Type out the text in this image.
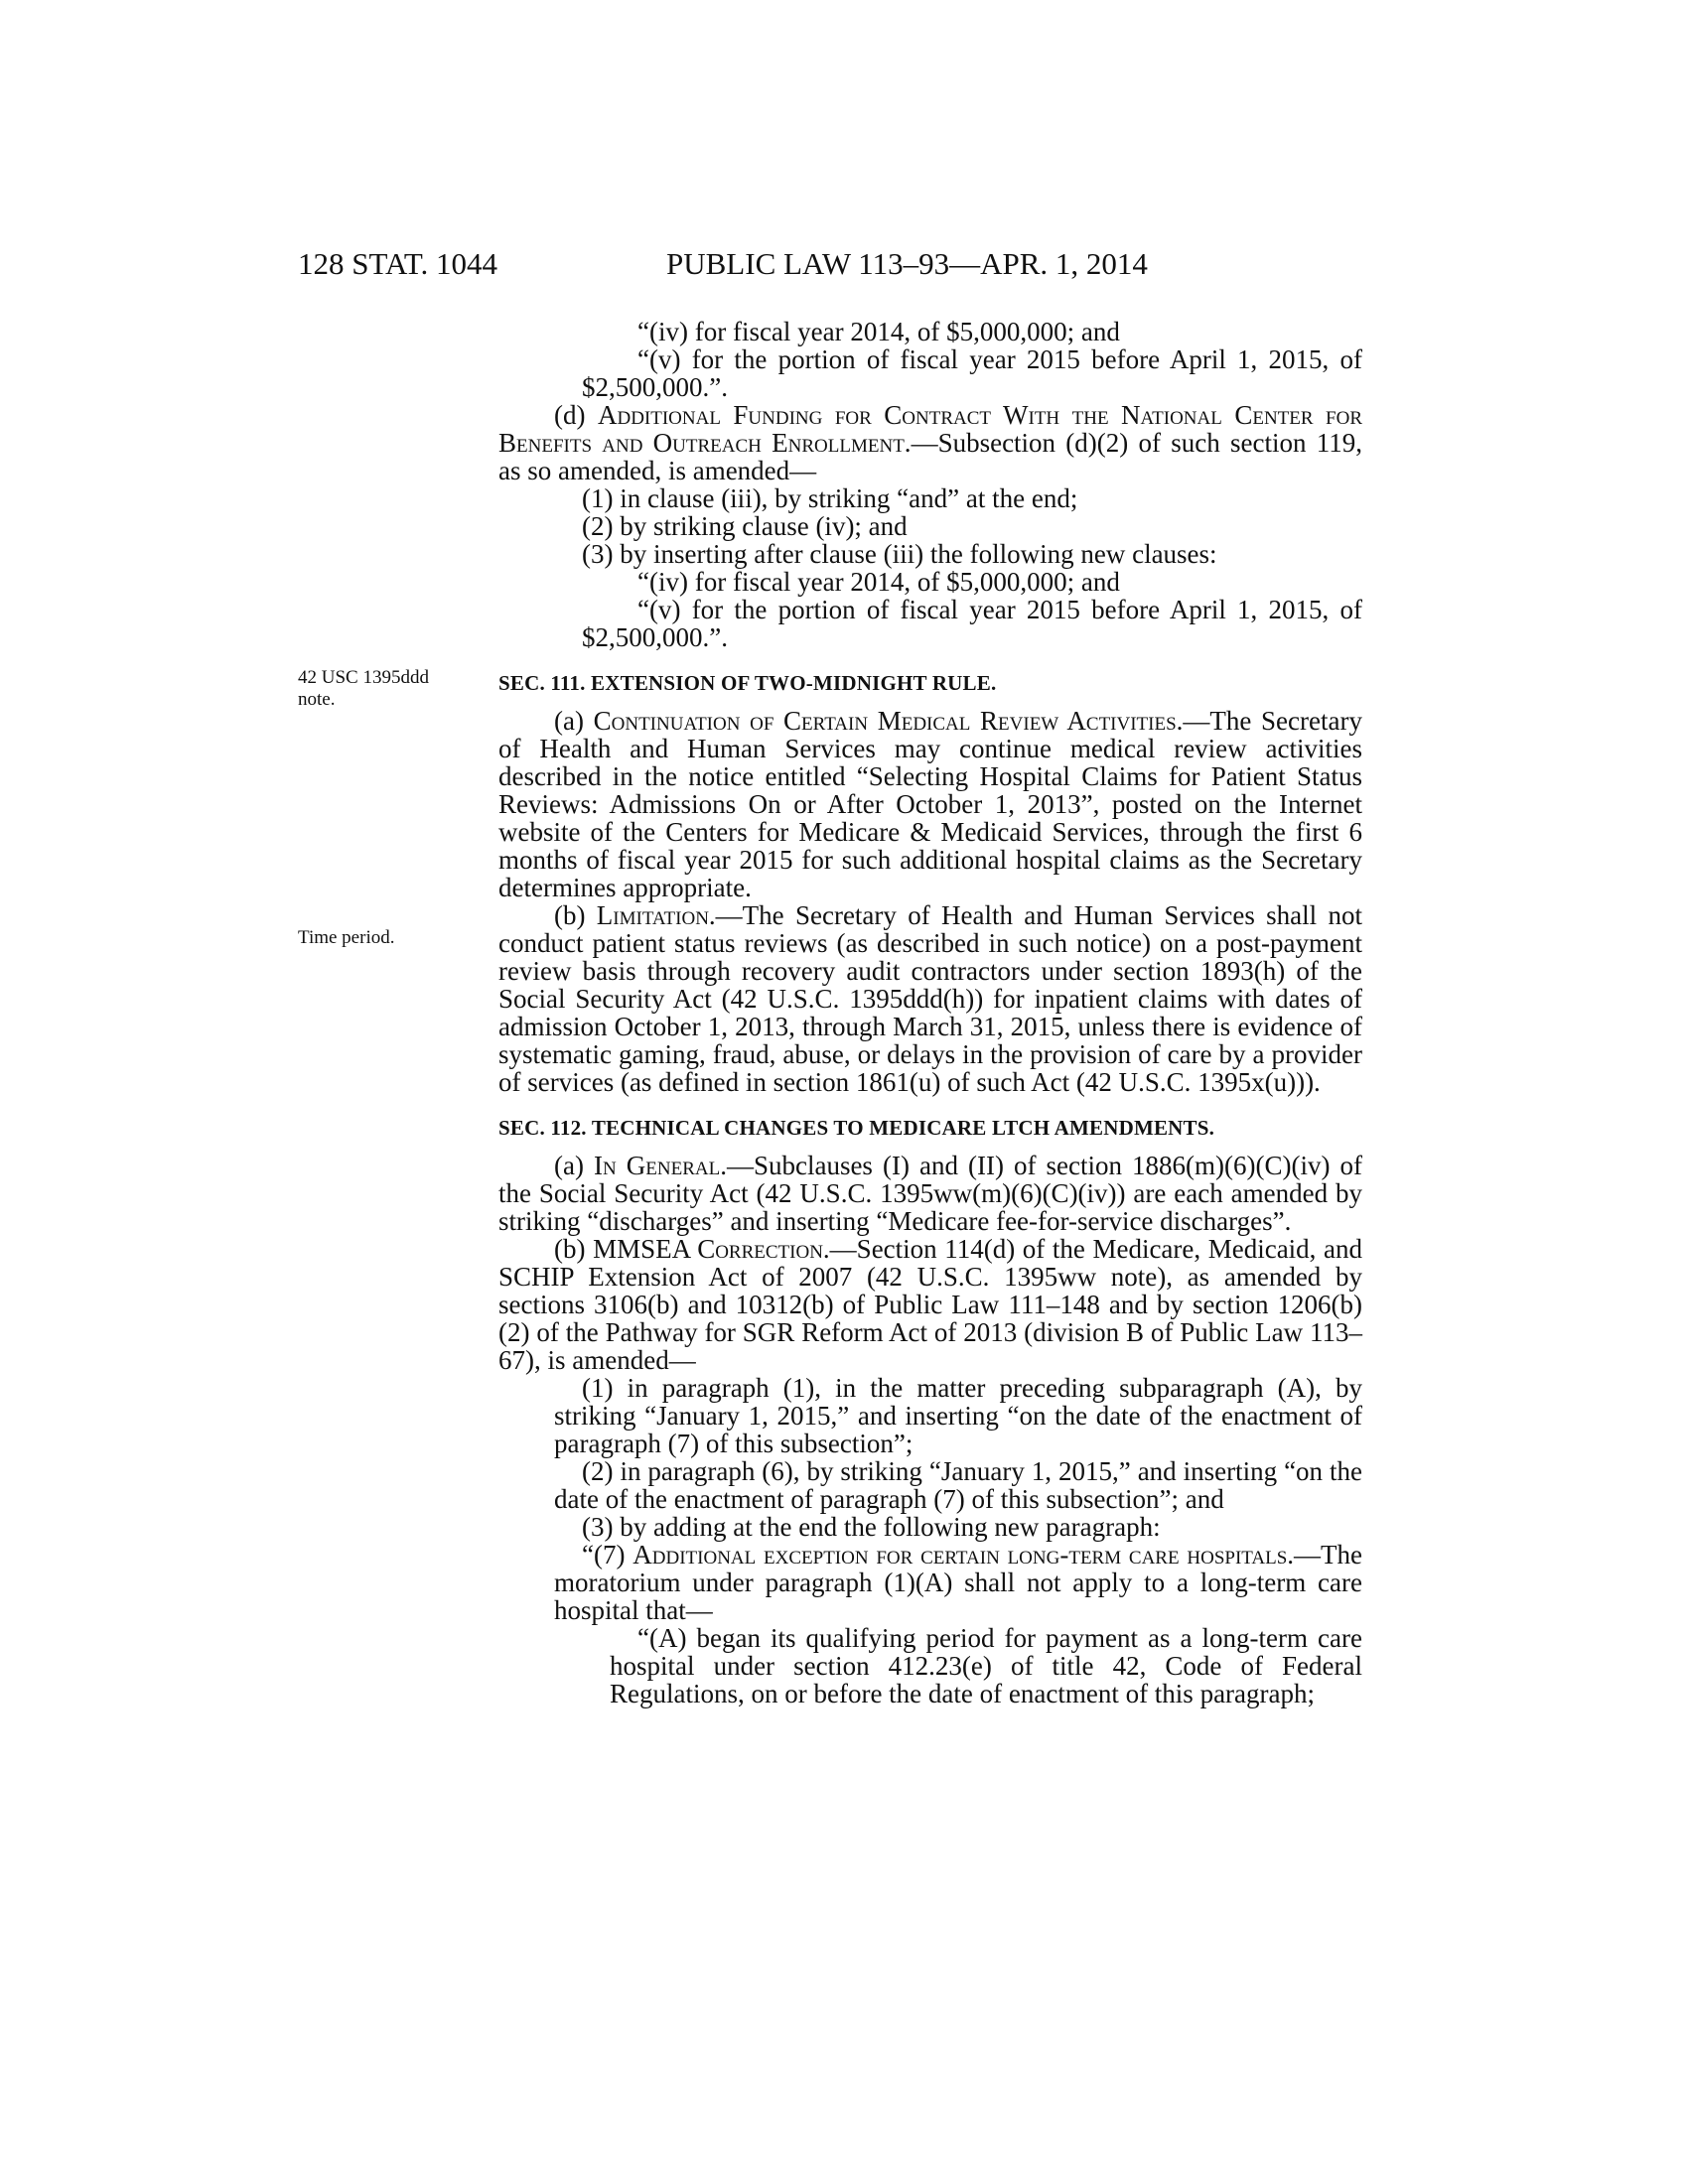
128 STAT. 1044	PUBLIC LAW 113–93—APR. 1, 2014
42 USC 1395ddd
note.
Time period.

“(iv) for fiscal year 2014, of $5,000,000; and

“(v) for the portion of fiscal year 2015 before April 1, 2015, of $2,500,000.”.

(d) Additional Funding for Contract With the National Center for Benefits and Outreach Enrollment.—Subsection (d)(2) of such section 119, as so amended, is amended—

(1) in clause (iii), by striking “and” at the end;

(2) by striking clause (iv); and

(3) by inserting after clause (iii) the following new clauses:

“(iv) for fiscal year 2014, of $5,000,000; and

“(v) for the portion of fiscal year 2015 before April 1, 2015, of $2,500,000.”.

SEC. 111. EXTENSION OF TWO-MIDNIGHT RULE.

(a) Continuation of Certain Medical Review Activities.—The Secretary of Health and Human Services may continue medical review activities described in the notice entitled “Selecting Hospital Claims for Patient Status Reviews: Admissions On or After October 1, 2013”, posted on the Internet website of the Centers for Medicare & Medicaid Services, through the first 6 months of fiscal year 2015 for such additional hospital claims as the Secretary determines appropriate.

(b) Limitation.—The Secretary of Health and Human Services shall not conduct patient status reviews (as described in such notice) on a post-payment review basis through recovery audit contractors under section 1893(h) of the Social Security Act (42 U.S.C. 1395ddd(h)) for inpatient claims with dates of admission October 1, 2013, through March 31, 2015, unless there is evidence of systematic gaming, fraud, abuse, or delays in the provision of care by a provider of services (as defined in section 1861(u) of such Act (42 U.S.C. 1395x(u))).

SEC. 112. TECHNICAL CHANGES TO MEDICARE LTCH AMENDMENTS.

(a) In General.—Subclauses (I) and (II) of section 1886(m)(6)(C)(iv) of the Social Security Act (42 U.S.C. 1395ww(m)(6)(C)(iv)) are each amended by striking “discharges” and inserting “Medicare fee-for-service discharges”.

(b) MMSEA Correction.—Section 114(d) of the Medicare, Medicaid, and SCHIP Extension Act of 2007 (42 U.S.C. 1395ww note), as amended by sections 3106(b) and 10312(b) of Public Law 111–148 and by section 1206(b)(2) of the Pathway for SGR Reform Act of 2013 (division B of Public Law 113–67), is amended—

(1) in paragraph (1), in the matter preceding subparagraph (A), by striking “January 1, 2015,” and inserting “on the date of the enactment of paragraph (7) of this subsection”;

(2) in paragraph (6), by striking “January 1, 2015,” and inserting “on the date of the enactment of paragraph (7) of this subsection”; and

(3) by adding at the end the following new paragraph:

“(7) Additional exception for certain long-term care hospitals.—The moratorium under paragraph (1)(A) shall not apply to a long-term care hospital that—

“(A) began its qualifying period for payment as a long-term care hospital under section 412.23(e) of title 42, Code of Federal Regulations, on or before the date of enactment of this paragraph;
